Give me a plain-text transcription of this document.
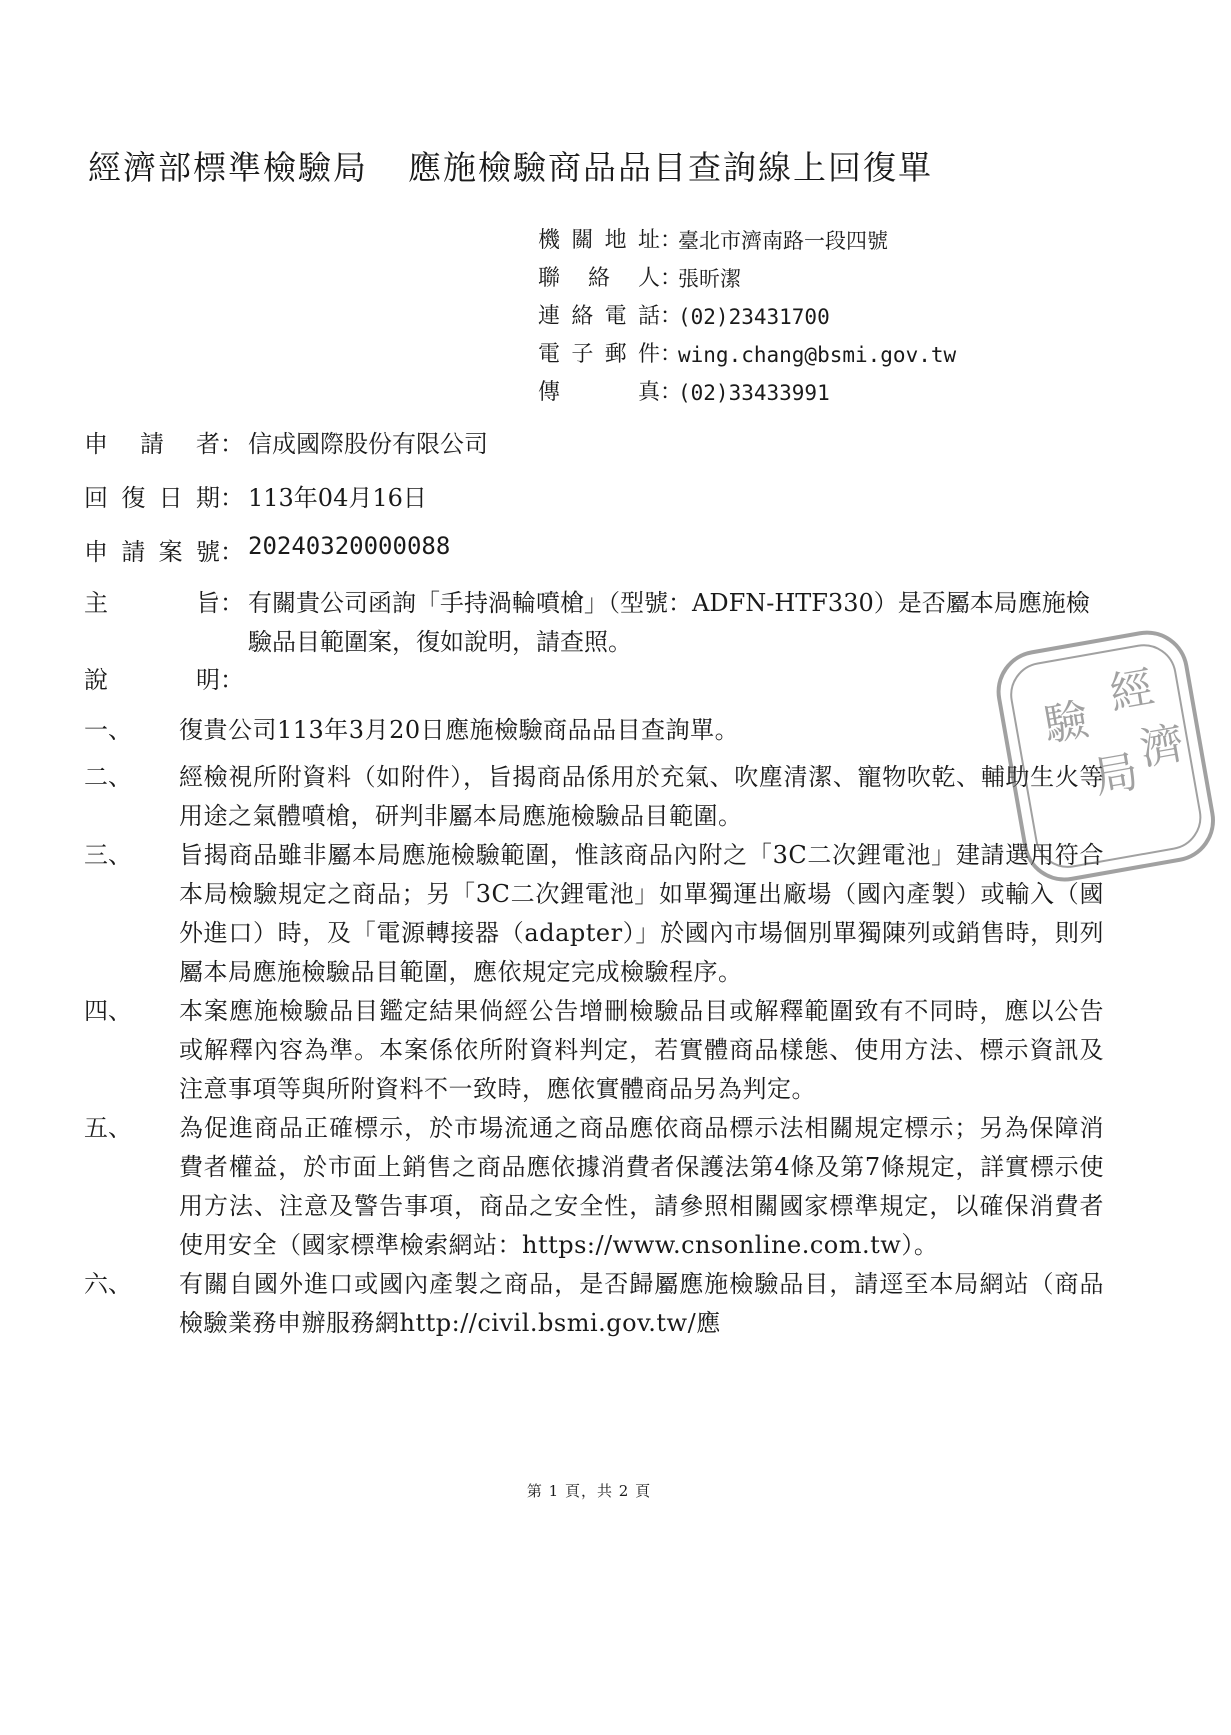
經濟部標準檢驗局 應施檢驗商品品目查詢線上回復單
機 關 地 址 ：
臺北市濟南路一段四號
聯 絡 人 ：
張昕潔
連 絡 電 話 ：
(02)23431700
電 子 郵 件 ：
wing.chang@bsmi.gov.tw
傳	真 ：
(02)33433991
申 請 者 ： 信成國際股份有限公司
回 復 日 期 ： 113年04月16日
申 請 案 號 ： 20240320000088
主	旨 ： 有關貴公司函詢「手持渦輪噴槍」（型號：ADFN-HTF330）是否屬本局應施檢驗品目範圍案，復如說明，請查照。
說	明 ：
一、	復貴公司113年3月20日應施檢驗商品品目查詢單。
二、	經檢視所附資料（如附件），旨揭商品係用於充氣、吹塵清潔、寵物吹乾、輔助生火等用途之氣體噴槍，研判非屬本局應施檢驗品目範圍。
三、	旨揭商品雖非屬本局應施檢驗範圍，惟該商品內附之「3C二次鋰電池」建請選用符合本局檢驗規定之商品；另「3C二次鋰電池」如單獨運出廠場（國內產製）或輸入（國外進口）時，及「電源轉接器（adapter）」於國內市場個別單獨陳列或銷售時，則列屬本局應施檢驗品目範圍，應依規定完成檢驗程序。
四、	本案應施檢驗品目鑑定結果倘經公告增刪檢驗品目或解釋範圍致有不同時，應以公告或解釋內容為準。本案係依所附資料判定，若實體商品樣態、使用方法、標示資訊及注意事項等與所附資料不一致時，應依實體商品另為判定。
五、	為促進商品正確標示，於市場流通之商品應依商品標示法相關規定標示；另為保障消費者權益，於市面上銷售之商品應依據消費者保護法第4條及第7條規定，詳實標示使用方法、注意及警告事項，商品之安全性，請參照相關國家標準規定，以確保消費者使用安全（國家標準檢索網站：https://www.cnsonline.com.tw）。
六、	有關自國外進口或國內產製之商品，是否歸屬應施檢驗品目，請逕至本局網站（商品檢驗業務申辦服務網http://civil.bsmi.gov.tw/應
驗
經
濟
局
第 1 頁，共 2 頁
